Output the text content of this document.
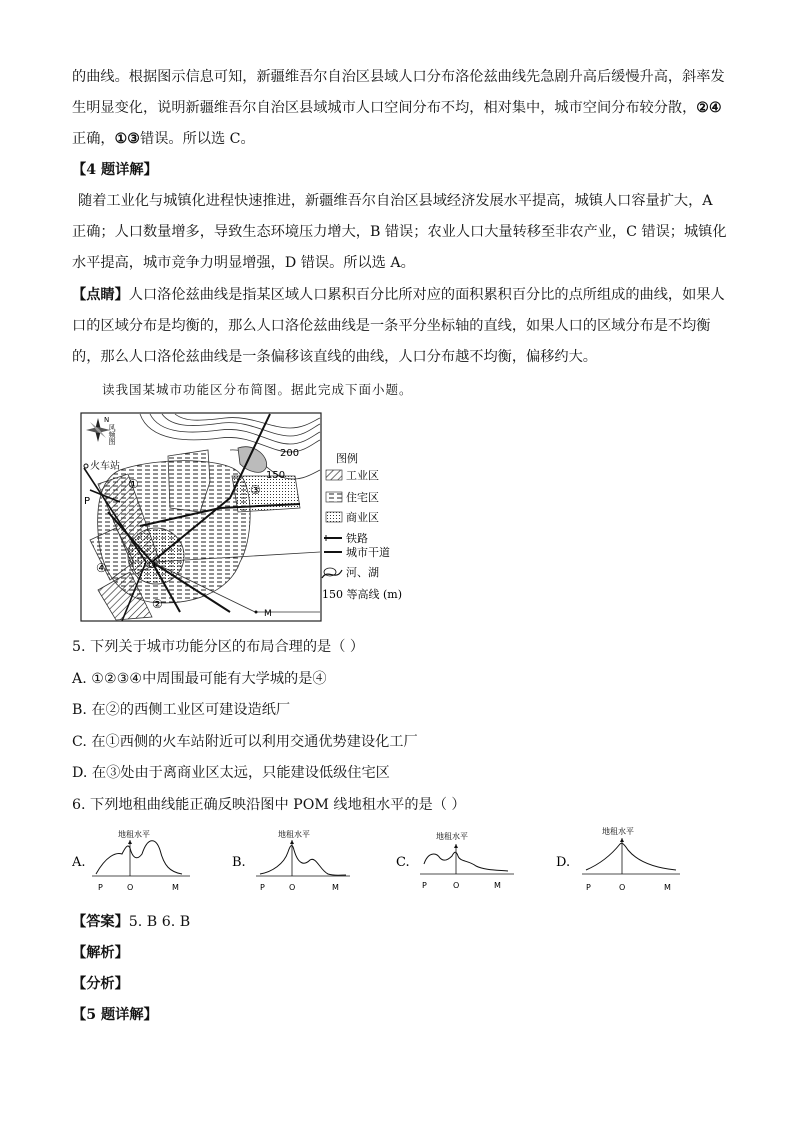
的曲线。根据图示信息可知，新疆维吾尔自治区县域人口分布洛伦兹曲线先急剧升高后缓慢升高，斜率发
生明显变化，说明新疆维吾尔自治区县域城市人口空间分布不均，相对集中，城市空间分布较分散，②④
正确，①③错误。所以选 C。
【4 题详解】
随着工业化与城镇化进程快速推进，新疆维吾尔自治区县域经济发展水平提高，城镇人口容量扩大，A
正确；人口数量增多，导致生态环境压力增大，B 错误；农业人口大量转移至非农产业，C 错误；城镇化
水平提高，城市竞争力明显增强，D 错误。所以选 A。
【点睛】人口洛伦兹曲线是指某区域人口累积百分比所对应的面积累积百分比的点所组成的曲线，如果人
口的区域分布是均衡的，那么人口洛伦兹曲线是一条平分坐标轴的直线，如果人口的区域分布是不均衡
的，那么人口洛伦兹曲线是一条偏移该直线的曲线，人口分布越不均衡，偏移约大。
读我国某城市功能区分布简图。据此完成下面小题。
N
风频图
火车站
①
②
③
④
P
O
M
200
150
图例
工业区
住宅区
商业区
铁路
城市干道
河、湖
150 等高线 (m)
5. 下列关于城市功能分区的布局合理的是（ ）
A. ①②③④中周围最可能有大学城的是④
B. 在②的西侧工业区可建设造纸厂
C. 在①西侧的火车站附近可以利用交通优势建设化工厂
D. 在③处由于离商业区太远，只能建设低级住宅区
6. 下列地租曲线能正确反映沿图中 POM 线地租水平的是（ ）
A.
地租水平
P	O	M
B.
地租水平
P	O	M
C.
地租水平
P	O	M
D.
地租水平
P	O	M
【答案】5. B 6. B
【解析】
【分析】
【5 题详解】
